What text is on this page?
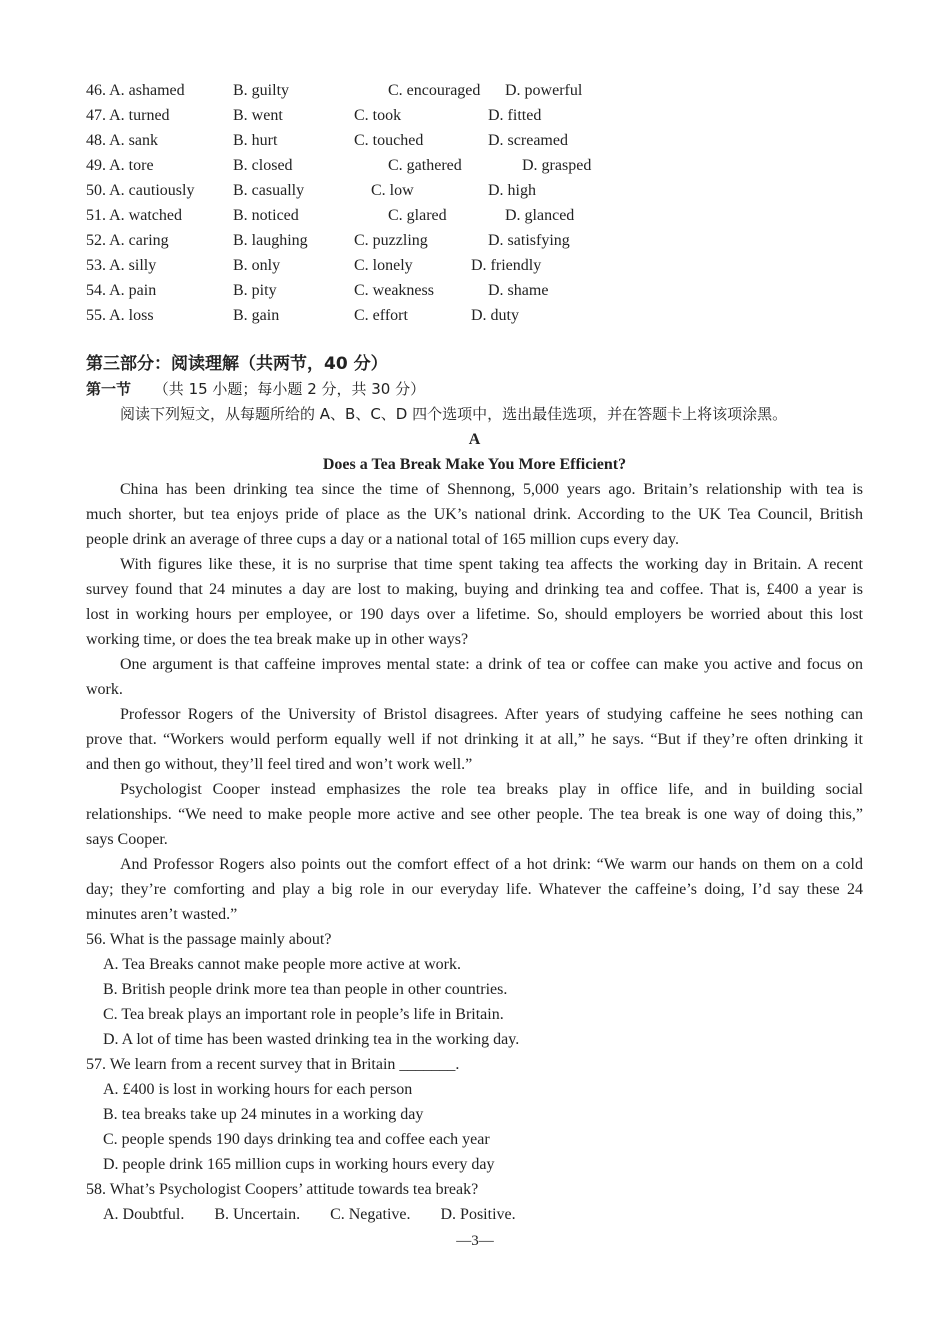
46. A. ashamed	B. guilty	C. encouraged D. powerful
47. A. turned	B. went	C. took	D. fitted
48. A. sank	B. hurt	C. touched	D. screamed
49. A. tore	B. closed	C. gathered	D. grasped
50. A. cautiously B. casually	C. low	D. high
51. A. watched	B. noticed	C. glared	D. glanced
52. A. caring	B. laughing	C. puzzling	D. satisfying
53. A. silly	B. only	C. lonely	D. friendly
54. A. pain	B. pity	C. weakness	D. shame
55. A. loss	B. gain	C. effort	D. duty
第三部分：阅读理解（共两节，40 分）
第一节 （共 15 小题；每小题 2 分，共 30 分）
阅读下列短文，从每题所给的 A、B、C、D 四个选项中，选出最佳选项，并在答题卡上将该项涂黑。
A
Does a Tea Break Make You More Efficient?
China has been drinking tea since the time of Shennong, 5,000 years ago. Britain’s relationship with tea is
much shorter, but tea enjoys pride of place as the UK’s national drink. According to the UK Tea Council, British
people drink an average of three cups a day or a national total of 165 million cups every day.
With figures like these, it is no surprise that time spent taking tea affects the working day in Britain. A recent
survey found that 24 minutes a day are lost to making, buying and drinking tea and coffee. That is, £400 a year is
lost in working hours per employee, or 190 days over a lifetime. So, should employers be worried about this lost
working time, or does the tea break make up in other ways?
One argument is that caffeine improves mental state: a drink of tea or coffee can make you active and focus on
work.
Professor Rogers of the University of Bristol disagrees. After years of studying caffeine he sees nothing can
prove that. “Workers would perform equally well if not drinking it at all,” he says. “But if they’re often drinking it
and then go without, they’ll feel tired and won’t work well.”
Psychologist Cooper instead emphasizes the role tea breaks play in office life, and in building social
relationships. “We need to make people more active and see other people. The tea break is one way of doing this,”
says Cooper.
And Professor Rogers also points out the comfort effect of a hot drink: “We warm our hands on them on a cold
day; they’re comforting and play a big role in our everyday life. Whatever the caffeine’s doing, I’d say these 24
minutes aren’t wasted.”
56. What is the passage mainly about?
A. Tea Breaks cannot make people more active at work.
B. British people drink more tea than people in other countries.
C. Tea break plays an important role in people’s life in Britain.
D. A lot of time has been wasted drinking tea in the working day.
57. We learn from a recent survey that in Britain _______.
A. £400 is lost in working hours for each person
B. tea breaks take up 24 minutes in a working day
C. people spends 190 days drinking tea and coffee each year
D. people drink 165 million cups in working hours every day
58. What’s Psychologist Coopers’ attitude towards tea break?
A. Doubtful. B. Uncertain. C. Negative. D. Positive.
—3—
